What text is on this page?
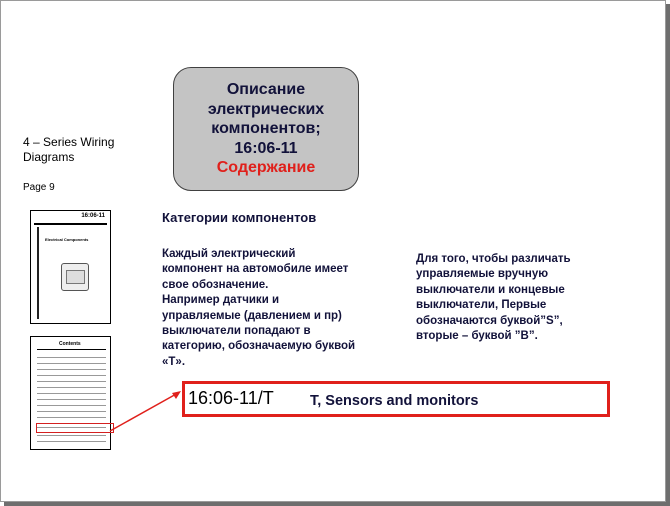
Описание
электрических
компонентов;
16:06-11
Содержание
4 – Series Wiring
Diagrams
Page 9
16:06-11
Electrical Components
Contents
Категории компонентов
Каждый электрический
компонент на автомобиле имеет
свое обозначение.
Например датчики и
управляемые (давлением и пр)
выключатели попадают в
категорию, обозначаемую буквой
«T».
Для того, чтобы различать
управляемые вручную
выключатели и концевые
выключатели, Первые
обозначаются буквой”S”,
вторые – буквой ”B”.
16:06-11/T	T, Sensors and monitors
